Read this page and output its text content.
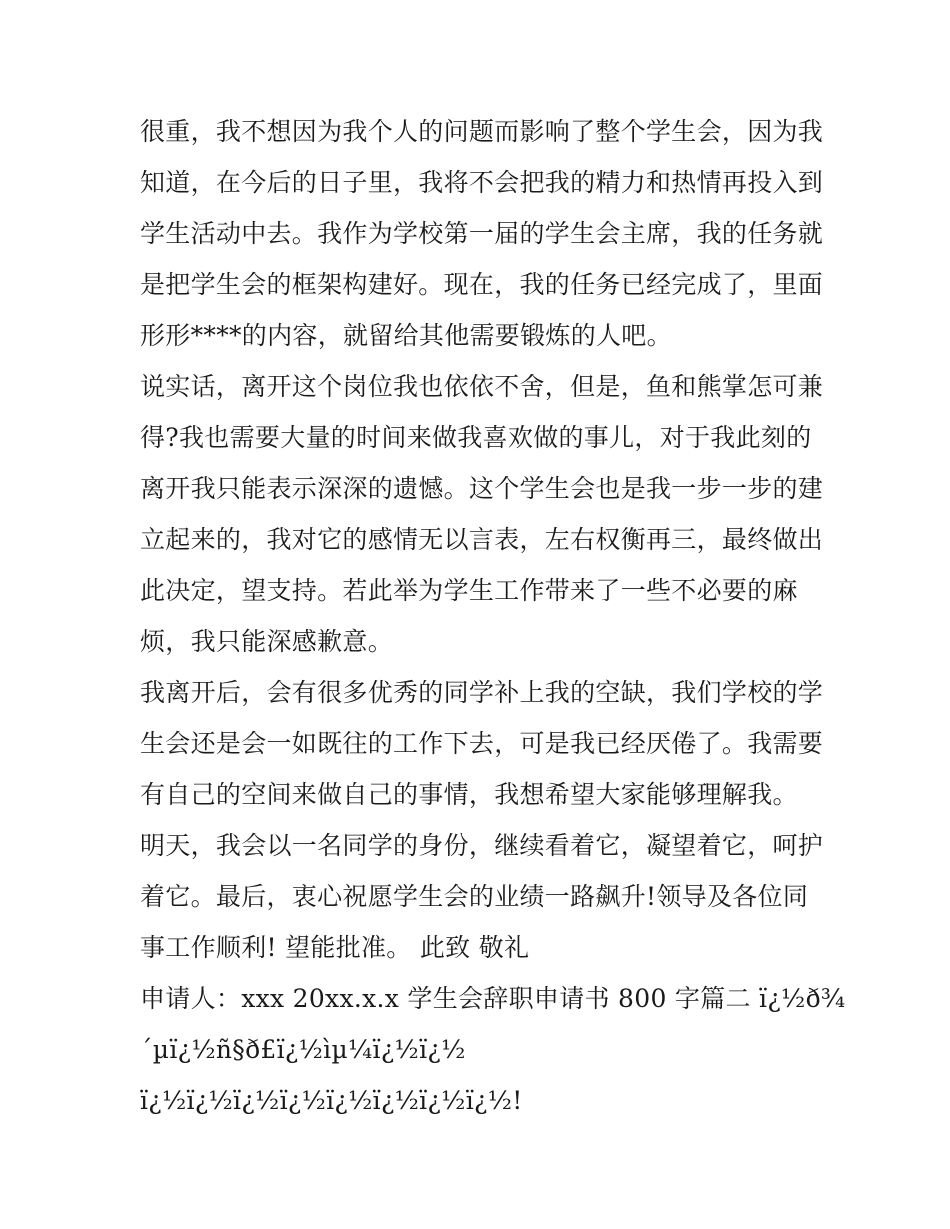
很重，我不想因为我个人的问题而影响了整个学生会，因为我
知道，在今后的日子里，我将不会把我的精力和热情再投入到
学生活动中去。我作为学校第一届的学生会主席，我的任务就
是把学生会的框架构建好。现在，我的任务已经完成了，里面
形形****的内容，就留给其他需要锻炼的人吧。
说实话，离开这个岗位我也依依不舍，但是，鱼和熊掌怎可兼
得?我也需要大量的时间来做我喜欢做的事儿，对于我此刻的
离开我只能表示深深的遗憾。这个学生会也是我一步一步的建
立起来的，我对它的感情无以言表，左右权衡再三，最终做出
此决定，望支持。若此举为学生工作带来了一些不必要的麻
烦，我只能深感歉意。
我离开后，会有很多优秀的同学补上我的空缺，我们学校的学
生会还是会一如既往的工作下去，可是我已经厌倦了。我需要
有自己的空间来做自己的事情，我想希望大家能够理解我。
明天，我会以一名同学的身份，继续看着它，凝望着它，呵护
着它。最后，衷心祝愿学生会的业绩一路飙升!领导及各位同
事工作顺利! 望能批准。 此致 敬礼
申请人：xxx 20xx.x.x 学生会辞职申请书 800 字篇二 ï¿½ð¾
´µï¿½ñ§ð£ï¿½ìµ¼ï¿½ï¿½
ï¿½ï¿½ï¿½ï¿½ï¿½ï¿½ï¿½ï¿½!
